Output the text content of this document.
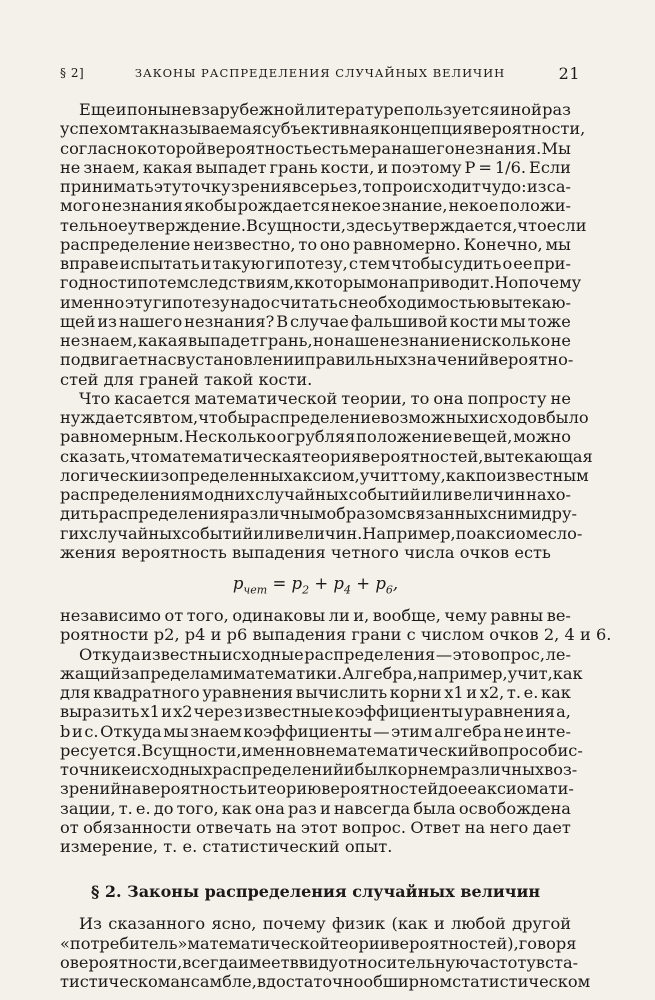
§ 2]	ЗАКОНЫ РАСПРЕДЕЛЕНИЯ СЛУЧАЙНЫХ ВЕЛИЧИН	21
Еще и поныне в зарубежной литературе пользуется иной раз
успехом так называемая субъективная концепция вероятности,
согласно которой вероятность есть мера нашего незнания. Мы
не знаем, какая выпадет грань кости, и поэтому P = 1/6. Если
принимать эту точку зрения всерьез, то происходит чудо: из са-
мого незнания якобы рождается некое знание, некое положи-
тельное утверждение. В сущности, здесь утверждается, что если
распределение неизвестно, то оно равномерно. Конечно, мы
вправе испытать и такую гипотезу, с тем чтобы судить о ее при-
годности по тем следствиям, к которым она приводит. Но почему
именно эту гипотезу надо считать с необходимостью вытекаю-
щей из нашего незнания? В случае фальшивой кости мы тоже
не знаем, какая выпадет грань, но наше незнание нисколько не
подвигает нас в установлении правильных значений вероятно-
стей для граней такой кости.
Что касается математической теории, то она попросту не
нуждается в том, чтобы распределение возможных исходов было
равномерным. Несколько огрубляя положение вещей, можно
сказать, что математическая теория вероятностей, вытекающая
логически из определенных аксиом, учит тому, как по известным
распределениям одних случайных событий или величин нахо-
дить распределения различным образом связанных с ними дру-
гих случайных событий или величин. Например, по аксиоме сло-
жения вероятность выпадения четного числа очков есть
$p_{чет} = p_2 + p_4 + p_6$,
независимо от того, одинаковы ли и, вообще, чему равны ве-
роятности p2, p4 и p6 выпадения грани с числом очков 2, 4 и 6.
Откуда известны исходные распределения — это вопрос, ле-
жащий за пределами математики. Алгебра, например, учит, как
для квадратного уравнения вычислить корни x1 и x2, т. е. как
выразить x1 и x2 через известные коэффициенты уравнения a,
b и c. Откуда мы знаем коэффициенты — этим алгебра не инте-
ресуется. В сущности, именно внематематический вопрос об ис-
точнике исходных распределений и был корнем различных воз-
зрений на вероятность и теорию вероятностей до ее аксиомати-
зации, т. е. до того, как она раз и навсегда была освобождена
от обязанности отвечать на этот вопрос. Ответ на него дает
измерение, т. е. статистический опыт.
§ 2. Законы распределения случайных величин
Из сказанного ясно, почему физик (как и любой другой
«потребитель» математической теории вероятностей), говоря
о вероятности, всегда имеет в виду относительную частоту в ста-
тистическом ансамбле, в достаточно обширном статистическом
